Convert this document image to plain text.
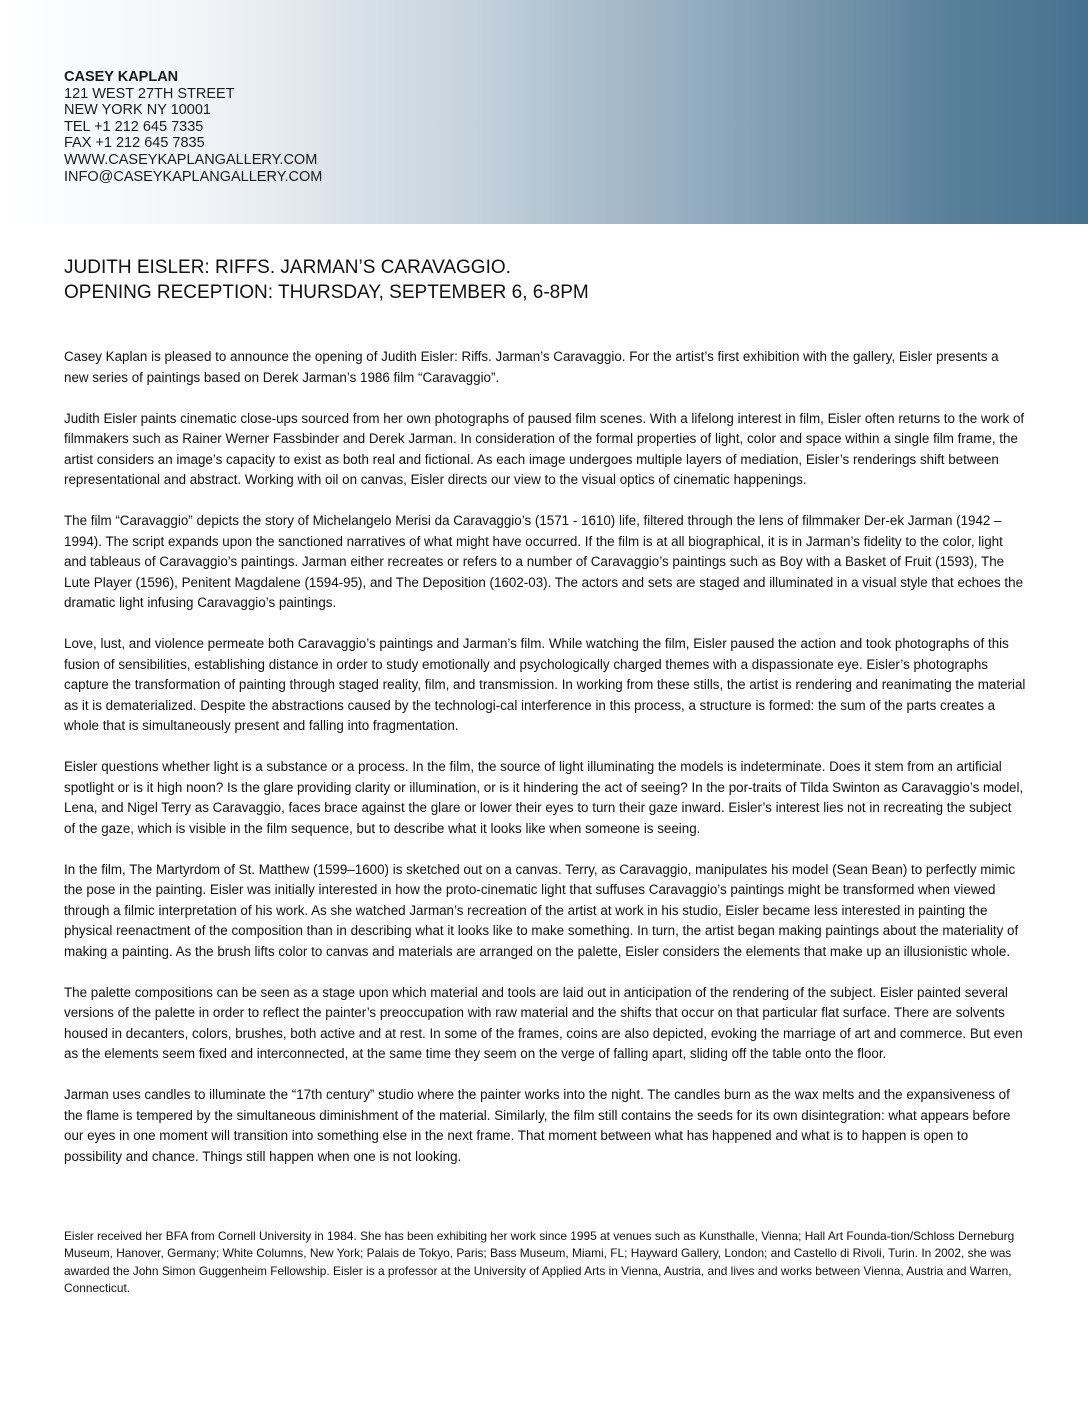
CASEY KAPLAN
121 WEST 27TH STREET
NEW YORK NY 10001
TEL +1 212 645 7335
FAX +1 212 645 7835
WWW.CASEYKAPLANGALLERY.COM
INFO@CASEYKAPLANGALLERY.COM
JUDITH EISLER: RIFFS. JARMAN’S CARAVAGGIO.
OPENING RECEPTION: THURSDAY, SEPTEMBER 6, 6-8PM

Casey Kaplan is pleased to announce the opening of Judith Eisler: Riffs. Jarman’s Caravaggio. For the artist’s first exhibition with the gallery, Eisler presents a new series of paintings based on Derek Jarman’s 1986 film “Caravaggio”.

Judith Eisler paints cinematic close-ups sourced from her own photographs of paused film scenes. With a lifelong interest in film, Eisler often returns to the work of filmmakers such as Rainer Werner Fassbinder and Derek Jarman. In consideration of the formal properties of light, color and space within a single film frame, the artist considers an image’s capacity to exist as both real and fictional. As each image undergoes multiple layers of mediation, Eisler’s renderings shift between representational and abstract. Working with oil on canvas, Eisler directs our view to the visual optics of cinematic happenings.

The film “Caravaggio” depicts the story of Michelangelo Merisi da Caravaggio’s (1571 - 1610) life, filtered through the lens of filmmaker Der-ek Jarman (1942 – 1994). The script expands upon the sanctioned narratives of what might have occurred. If the film is at all biographical, it is in Jarman’s fidelity to the color, light and tableaus of Caravaggio’s paintings. Jarman either recreates or refers to a number of Caravaggio’s paintings such as Boy with a Basket of Fruit (1593), The Lute Player (1596), Penitent Magdalene (1594-95), and The Deposition (1602-03). The actors and sets are staged and illuminated in a visual style that echoes the dramatic light infusing Caravaggio’s paintings.

Love, lust, and violence permeate both Caravaggio’s paintings and Jarman’s film. While watching the film, Eisler paused the action and took photographs of this fusion of sensibilities, establishing distance in order to study emotionally and psychologically charged themes with a dispassionate eye. Eisler’s photographs capture the transformation of painting through staged reality, film, and transmission. In working from these stills, the artist is rendering and reanimating the material as it is dematerialized. Despite the abstractions caused by the technologi-cal interference in this process, a structure is formed: the sum of the parts creates a whole that is simultaneously present and falling into fragmentation.

Eisler questions whether light is a substance or a process. In the film, the source of light illuminating the models is indeterminate. Does it stem from an artificial spotlight or is it high noon? Is the glare providing clarity or illumination, or is it hindering the act of seeing? In the por-traits of Tilda Swinton as Caravaggio’s model, Lena, and Nigel Terry as Caravaggio, faces brace against the glare or lower their eyes to turn their gaze inward. Eisler’s interest lies not in recreating the subject of the gaze, which is visible in the film sequence, but to describe what it looks like when someone is seeing.

In the film, The Martyrdom of St. Matthew (1599–1600) is sketched out on a canvas. Terry, as Caravaggio, manipulates his model (Sean Bean) to perfectly mimic the pose in the painting. Eisler was initially interested in how the proto-cinematic light that suffuses Caravaggio’s paintings might be transformed when viewed through a filmic interpretation of his work. As she watched Jarman’s recreation of the artist at work in his studio, Eisler became less interested in painting the physical reenactment of the composition than in describing what it looks like to make something. In turn, the artist began making paintings about the materiality of making a painting. As the brush lifts color to canvas and materials are arranged on the palette, Eisler considers the elements that make up an illusionistic whole.

The palette compositions can be seen as a stage upon which material and tools are laid out in anticipation of the rendering of the subject. Eisler painted several versions of the palette in order to reflect the painter’s preoccupation with raw material and the shifts that occur on that particular flat surface. There are solvents housed in decanters, colors, brushes, both active and at rest. In some of the frames, coins are also depicted, evoking the marriage of art and commerce. But even as the elements seem fixed and interconnected, at the same time they seem on the verge of falling apart, sliding off the table onto the floor.

Jarman uses candles to illuminate the “17th century” studio where the painter works into the night. The candles burn as the wax melts and the expansiveness of the flame is tempered by the simultaneous diminishment of the material. Similarly, the film still contains the seeds for its own disintegration: what appears before our eyes in one moment will transition into something else in the next frame. That moment between what has happened and what is to happen is open to possibility and chance. Things still happen when one is not looking.

Eisler received her BFA from Cornell University in 1984. She has been exhibiting her work since 1995 at venues such as Kunsthalle, Vienna; Hall Art Founda-tion/Schloss Derneburg Museum, Hanover, Germany; White Columns, New York; Palais de Tokyo, Paris; Bass Museum, Miami, FL; Hayward Gallery, London; and Castello di Rivoli, Turin. In 2002, she was awarded the John Simon Guggenheim Fellowship. Eisler is a professor at the University of Applied Arts in Vienna, Austria, and lives and works between Vienna, Austria and Warren, Connecticut.
